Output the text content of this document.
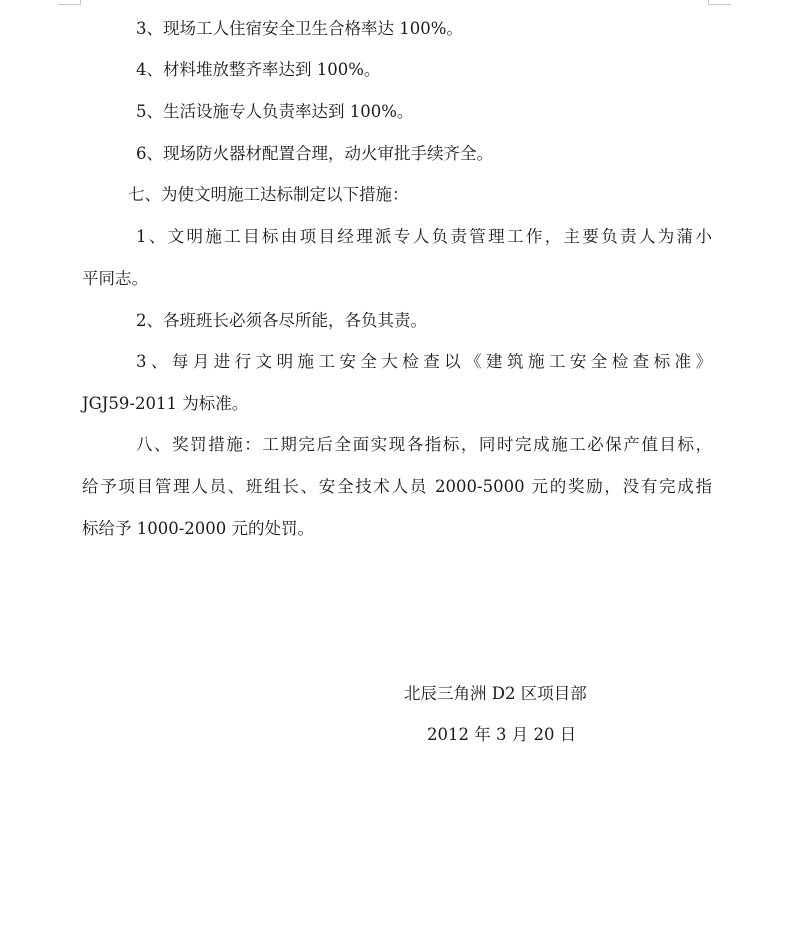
3、现场工人住宿安全卫生合格率达 100%。
4、材料堆放整齐率达到 100%。
5、生活设施专人负责率达到 100%。
6、现场防火器材配置合理，动火审批手续齐全。
七、为使文明施工达标制定以下措施：
1、文明施工目标由项目经理派专人负责管理工作，主要负责人为蒲小
平同志。
2、各班班长必须各尽所能，各负其责。
3、每月进行文明施工安全大检查以《建筑施工安全检查标准》
JGJ59-2011 为标准。
八、奖罚措施：工期完后全面实现各指标，同时完成施工必保产值目标，
给予项目管理人员、班组长、安全技术人员 2000-5000 元的奖励，没有完成指
标给予 1000-2000 元的处罚。
北辰三角洲 D2 区项目部
2012 年 3 月 20 日
